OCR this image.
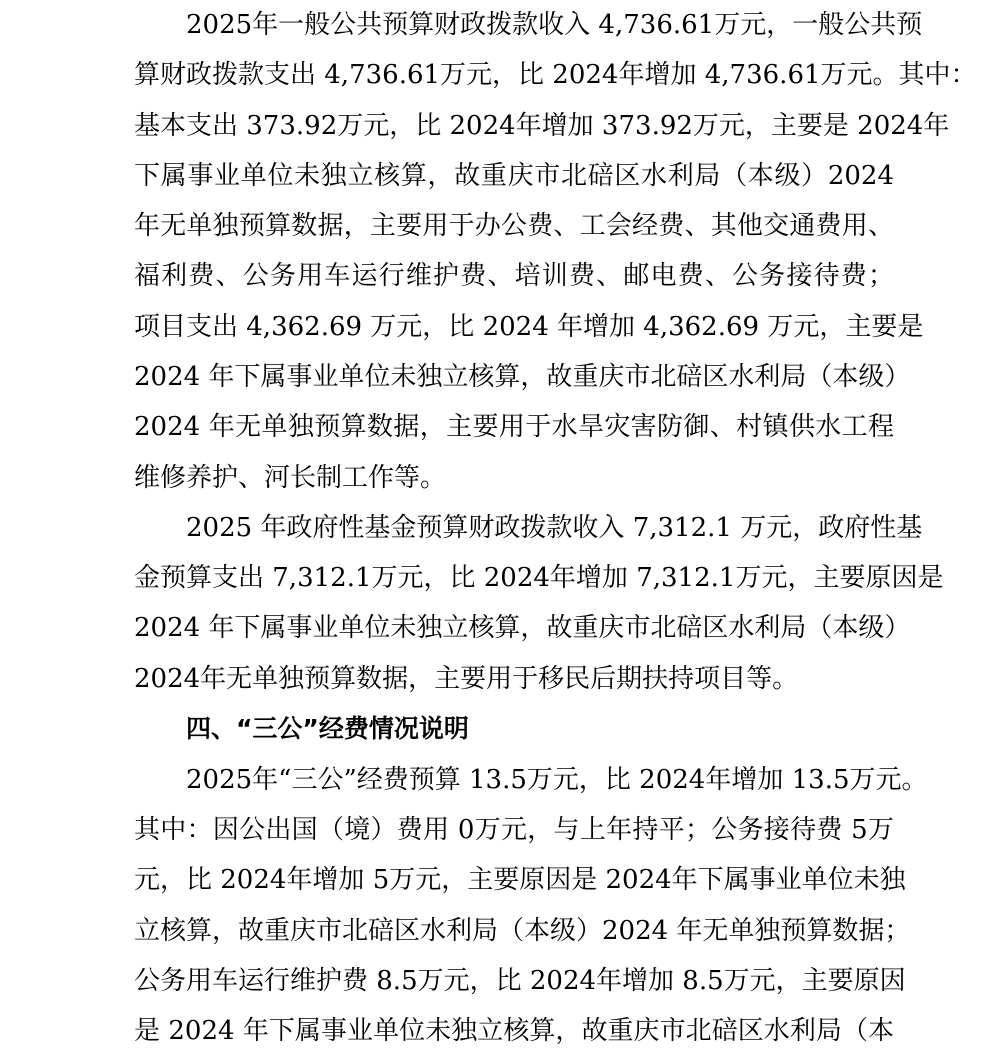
2025年一般公共预算财政拨款收入 4,736.61万元，一般公共预
算财政拨款支出 4,736.61万元，比 2024年增加 4,736.61万元。其中：
基本支出 373.92万元，比 2024年增加 373.92万元，主要是 2024年
下属事业单位未独立核算，故重庆市北碚区水利局（本级）2024
年无单独预算数据，主要用于办公费、工会经费、其他交通费用、
福利费、公务用车运行维护费、培训费、邮电费、公务接待费；
项目支出 4,362.69 万元，比 2024 年增加 4,362.69 万元，主要是
2024 年下属事业单位未独立核算，故重庆市北碚区水利局（本级）
2024 年无单独预算数据，主要用于水旱灾害防御、村镇供水工程
维修养护、河长制工作等。
2025 年政府性基金预算财政拨款收入 7,312.1 万元，政府性基
金预算支出 7,312.1万元，比 2024年增加 7,312.1万元，主要原因是
2024 年下属事业单位未独立核算，故重庆市北碚区水利局（本级）
2024年无单独预算数据，主要用于移民后期扶持项目等。
四、“三公”经费情况说明
2025年“三公”经费预算 13.5万元，比 2024年增加 13.5万元。
其中：因公出国（境）费用 0万元，与上年持平；公务接待费 5万
元，比 2024年增加 5万元，主要原因是 2024年下属事业单位未独
立核算，故重庆市北碚区水利局（本级）2024 年无单独预算数据；
公务用车运行维护费 8.5万元，比 2024年增加 8.5万元，主要原因
是 2024 年下属事业单位未独立核算，故重庆市北碚区水利局（本
